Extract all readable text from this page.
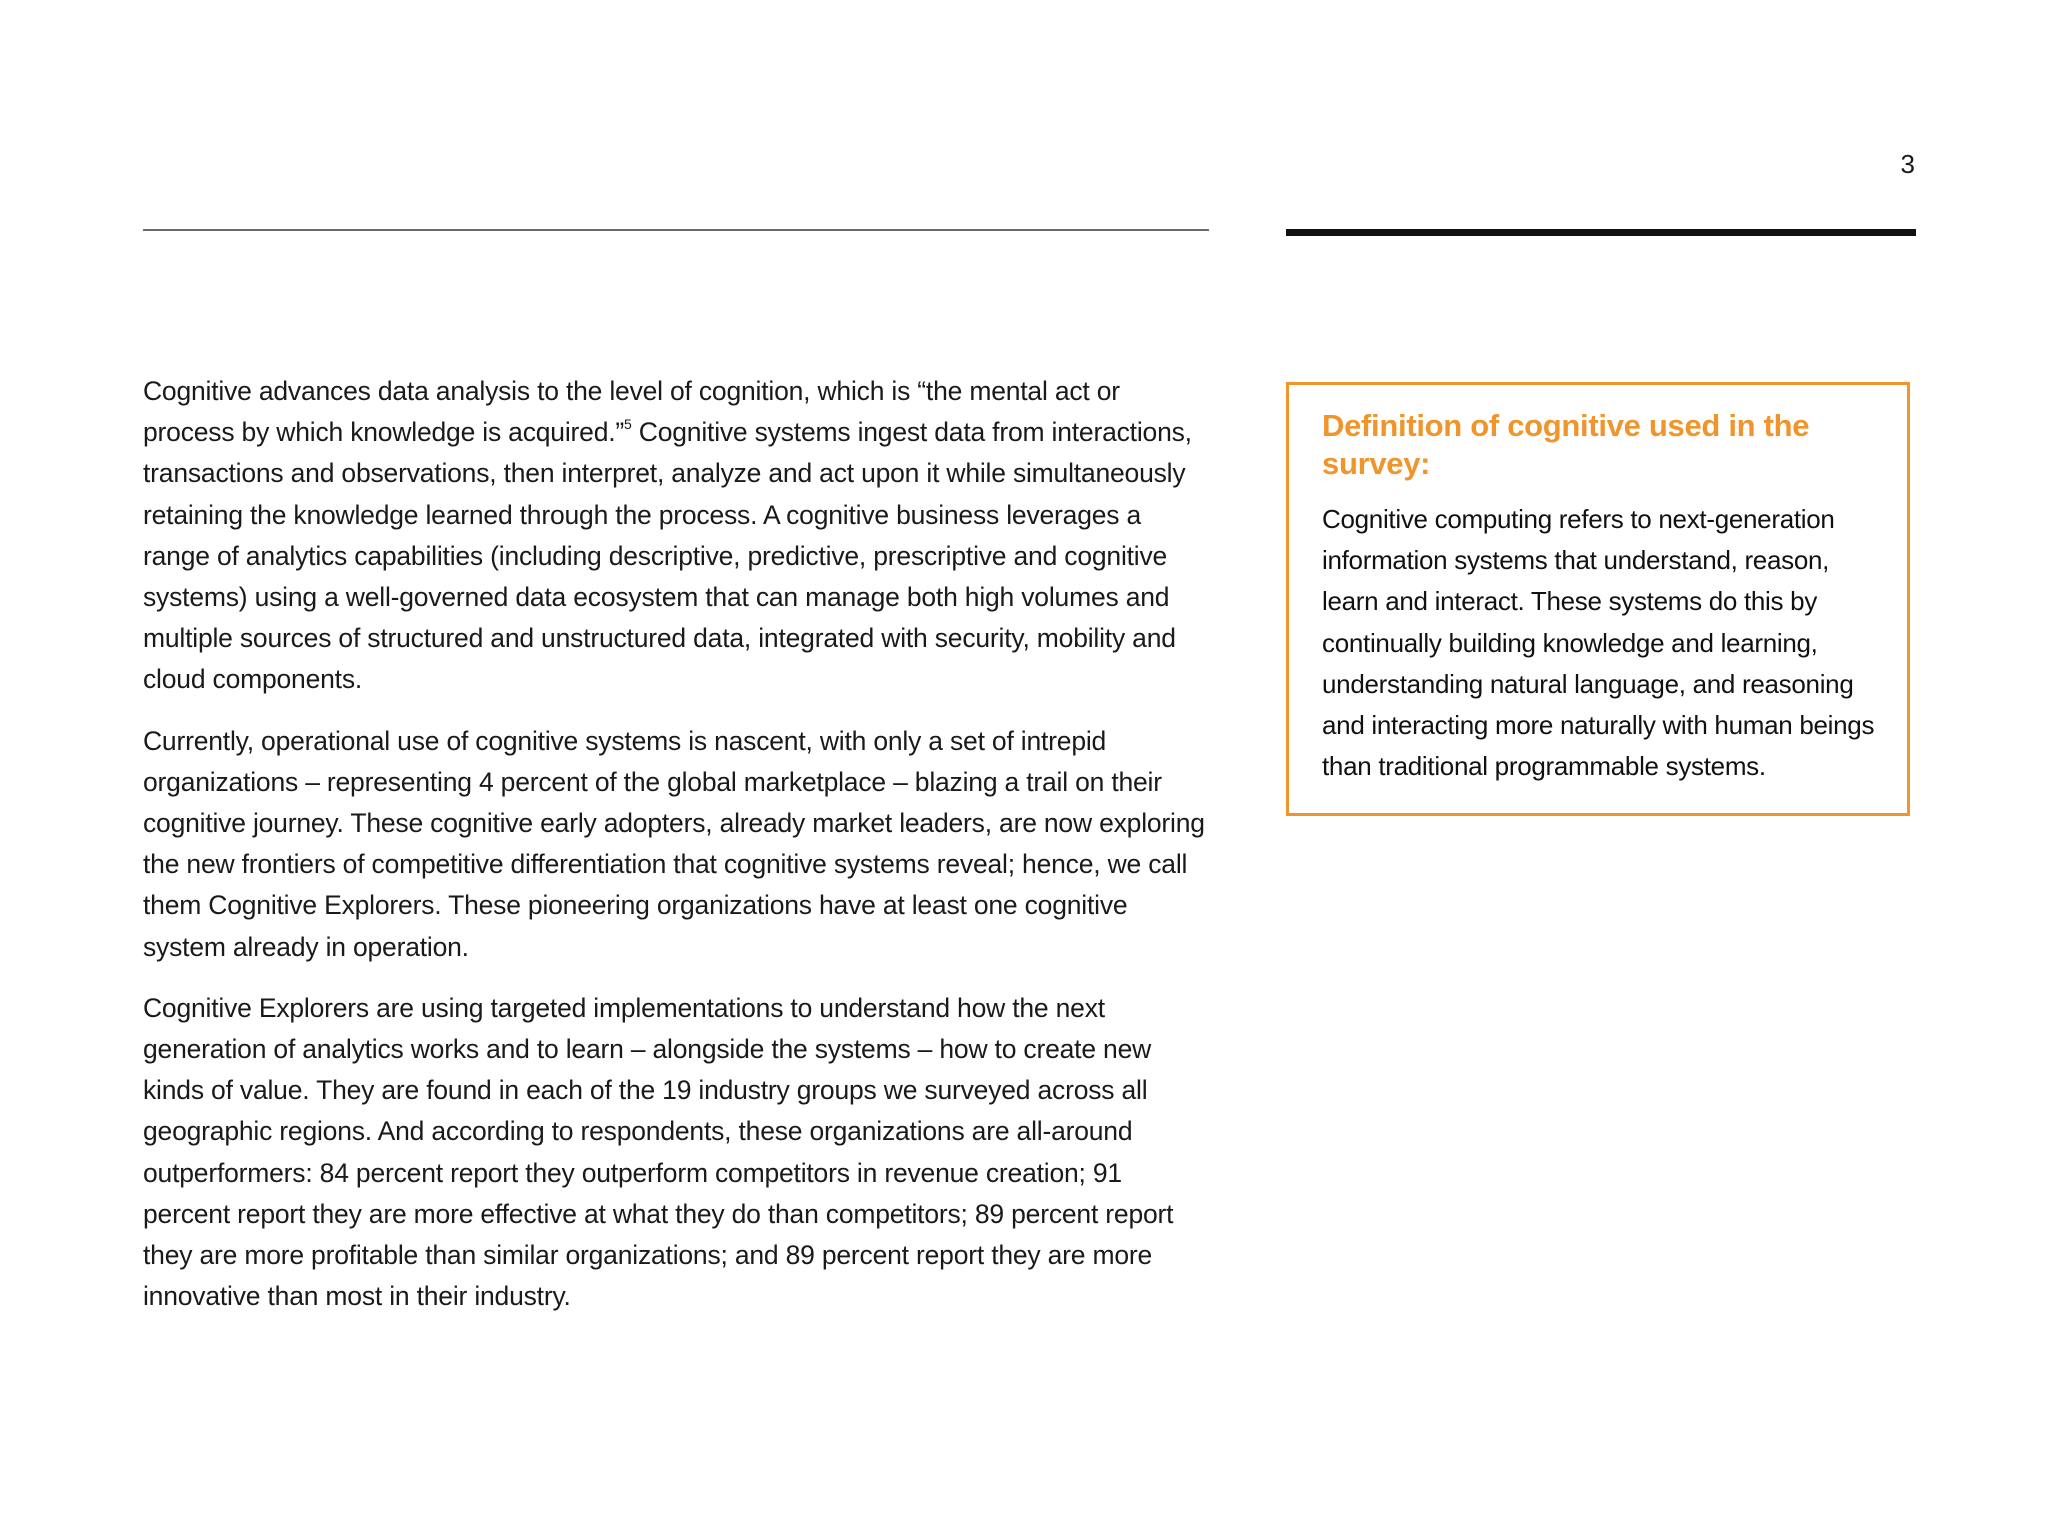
3

Cognitive advances data analysis to the level of cognition, which is “the mental act or process by which knowledge is acquired.”$^5$ Cognitive systems ingest data from interactions, transactions and observations, then interpret, analyze and act upon it while simultaneously retaining the knowledge learned through the process. A cognitive business leverages a range of analytics capabilities (including descriptive, predictive, prescriptive and cognitive systems) using a well-governed data ecosystem that can manage both high volumes and multiple sources of structured and unstructured data, integrated with security, mobility and cloud components.

Currently, operational use of cognitive systems is nascent, with only a set of intrepid organizations – representing 4 percent of the global marketplace – blazing a trail on their cognitive journey. These cognitive early adopters, already market leaders, are now exploring the new frontiers of competitive differentiation that cognitive systems reveal; hence, we call them Cognitive Explorers. These pioneering organizations have at least one cognitive system already in operation.

Cognitive Explorers are using targeted implementations to understand how the next generation of analytics works and to learn – alongside the systems – how to create new kinds of value. They are found in each of the 19 industry groups we surveyed across all geographic regions. And according to respondents, these organizations are all-around outperformers: 84 percent report they outperform competitors in revenue creation; 91 percent report they are more effective at what they do than competitors; 89 percent report they are more profitable than similar organizations; and 89 percent report they are more innovative than most in their industry.

Definition of cognitive used in the survey:

Cognitive computing refers to next-generation information systems that understand, reason, learn and interact. These systems do this by continually building knowledge and learning, understanding natural language, and reasoning and interacting more naturally with human beings than traditional programmable systems.
